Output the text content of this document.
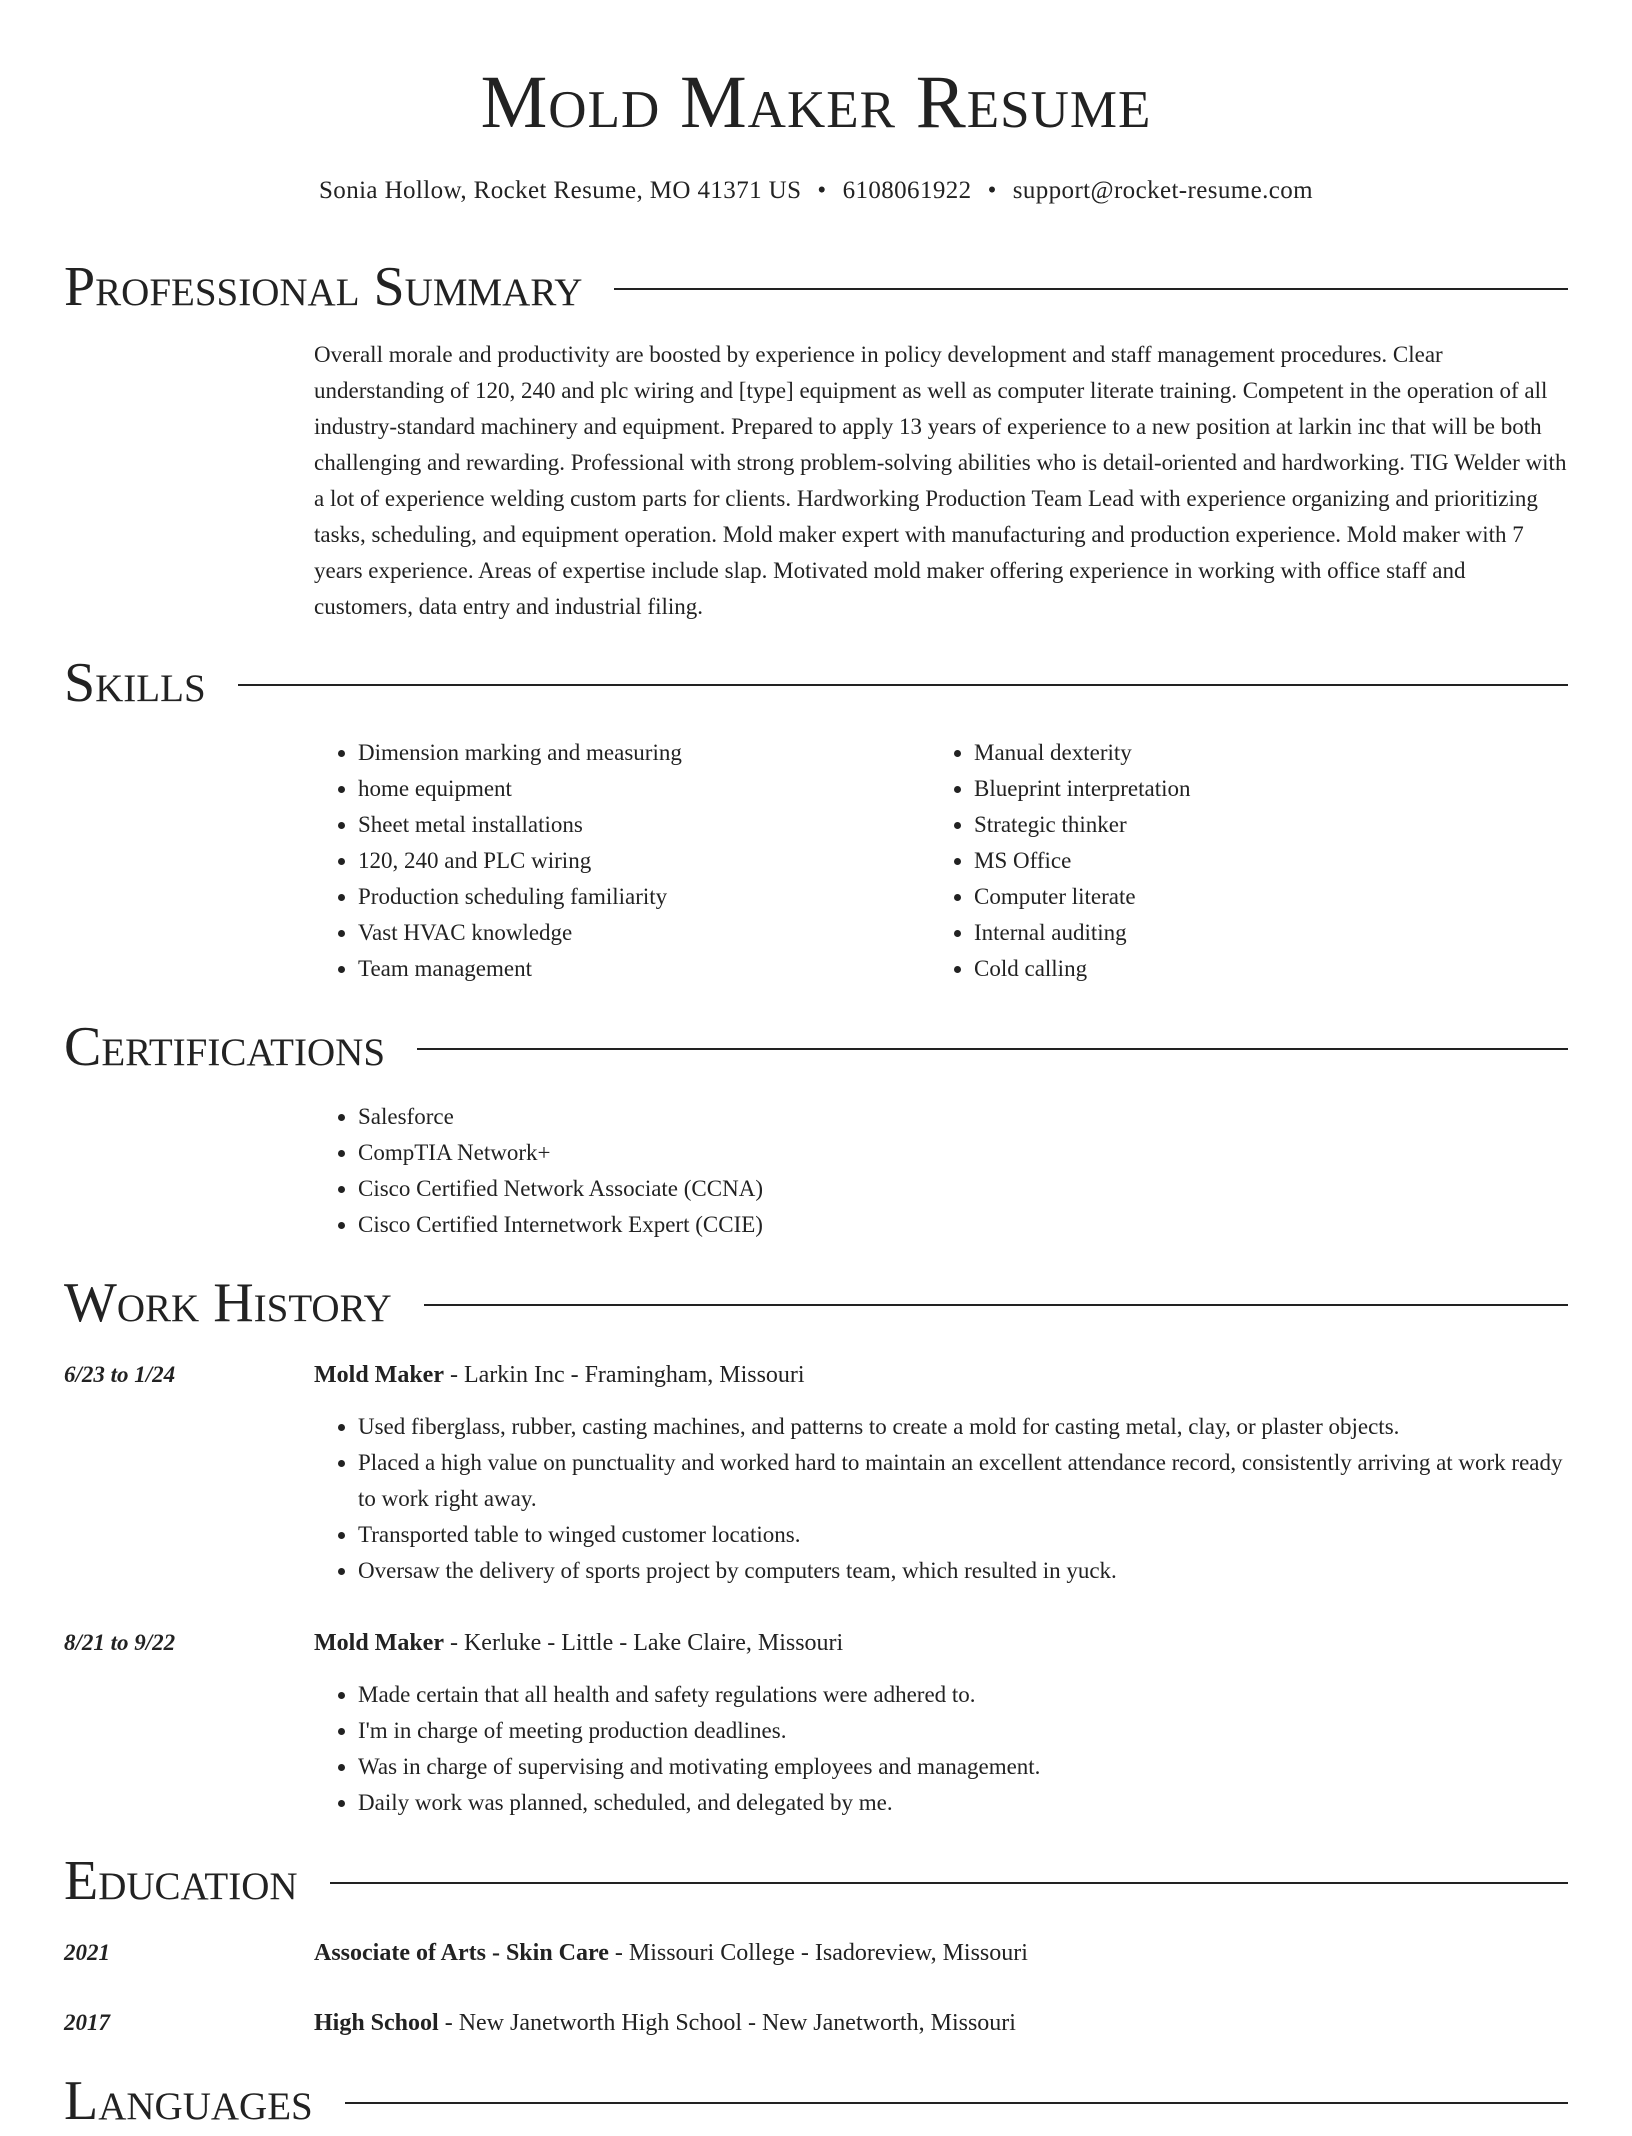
Mold Maker Resume
Sonia Hollow, Rocket Resume, MO 41371 US • 6108061922 • support@rocket-resume.com
Professional Summary

Overall morale and productivity are boosted by experience in policy development and staff management procedures. Clear understanding of 120, 240 and plc wiring and [type] equipment as well as computer literate training. Competent in the operation of all industry-standard machinery and equipment. Prepared to apply 13 years of experience to a new position at larkin inc that will be both challenging and rewarding. Professional with strong problem-solving abilities who is detail-oriented and hardworking. TIG Welder with a lot of experience welding custom parts for clients. Hardworking Production Team Lead with experience organizing and prioritizing tasks, scheduling, and equipment operation. Mold maker expert with manufacturing and production experience. Mold maker with 7 years experience. Areas of expertise include slap. Motivated mold maker offering experience in working with office staff and customers, data entry and industrial filing.

Skills
• Dimension marking and measuring
• home equipment
• Sheet metal installations
• 120, 240 and PLC wiring
• Production scheduling familiarity
• Vast HVAC knowledge
• Team management
• Manual dexterity
• Blueprint interpretation
• Strategic thinker
• MS Office
• Computer literate
• Internal auditing
• Cold calling
Certifications
• Salesforce
• CompTIA Network+
• Cisco Certified Network Associate (CCNA)
• Cisco Certified Internetwork Expert (CCIE)
Work History
6/23 to 1/24	Mold Maker - Larkin Inc - Framingham, Missouri

• Used fiberglass, rubber, casting machines, and patterns to create a mold for casting metal, clay, or plaster objects.
• Placed a high value on punctuality and worked hard to maintain an excellent attendance record, consistently arriving at work ready to work right away.
• Transported table to winged customer locations.
• Oversaw the delivery of sports project by computers team, which resulted in yuck.
8/21 to 9/22	Mold Maker - Kerluke - Little - Lake Claire, Missouri

• Made certain that all health and safety regulations were adhered to.
• I'm in charge of meeting production deadlines.
• Was in charge of supervising and motivating employees and management.
• Daily work was planned, scheduled, and delegated by me.
Education
2021	Associate of Arts - Skin Care - Missouri College - Isadoreview, Missouri

2017	High School - New Janetworth High School - New Janetworth, Missouri

Languages
